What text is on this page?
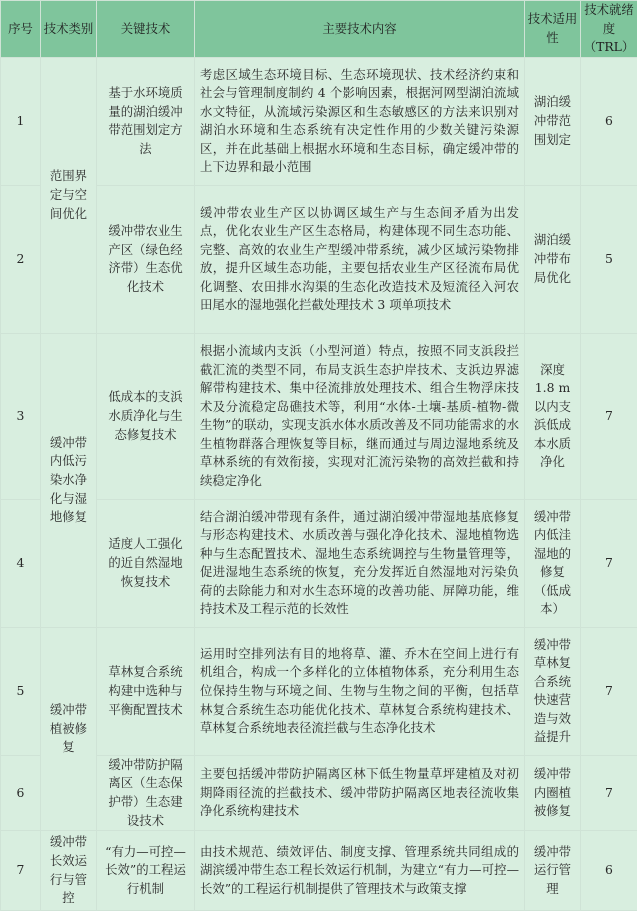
序号	技术类别	关键技术	主要技术内容	技术适用性	技术就绪度（TRL）
1	范围界定与空间优化	基于水环境质量的湖泊缓冲带范围划定方法	考虑区域生态环境目标、生态环境现状、技术经济约束和社会与管理制度制约 4 个影响因素，根据河网型湖泊流域水文特征，从流域污染源区和生态敏感区的方法来识别对湖泊水环境和生态系统有决定性作用的少数关键污染源区，并在此基础上根据水环境和生态目标，确定缓冲带的上下边界和最小范围	湖泊缓冲带范围划定	6
2		缓冲带农业生产区（绿色经济带）生态优化技术	缓冲带农业生产区以协调区域生产与生态间矛盾为出发点，优化农业生产区生态格局，构建体现不同生态功能、完整、高效的农业生产型缓冲带系统，减少区域污染物排放，提升区域生态功能，主要包括农业生产区径流布局优化调整、农田排水沟渠的生态化改造技术及短流径入河农田尾水的湿地强化拦截处理技术 3 项单项技术	湖泊缓冲带布局优化	5
3	缓冲带内低污染水净化与湿地修复	低成本的支浜水质净化与生态修复技术	根据小流域内支浜（小型河道）特点，按照不同支浜段拦截汇流的类型不同，布局支浜生态护岸技术、支浜边界滤解带构建技术、集中径流排放处理技术、组合生物浮床技术及分流稳定岛礁技术等，利用“水体-土壤-基质-植物-微生物”的联动，实现支浜水体水质改善及不同功能需求的水生植物群落合理恢复等目标，继而通过与周边湿地系统及草林系统的有效衔接，实现对汇流污染物的高效拦截和持续稳定净化	深度 1.8 m 以内支浜低成本水质净化	7
4		适度人工强化的近自然湿地恢复技术	结合湖泊缓冲带现有条件，通过湖泊缓冲带湿地基底修复与形态构建技术、水质改善与强化净化技术、湿地植物选种与生态配置技术、湿地生态系统调控与生物量管理等，促进湿地生态系统的恢复，充分发挥近自然湿地对污染负荷的去除能力和对水生态环境的改善功能、屏障功能，维持技术及工程示范的长效性	缓冲带内低洼湿地的修复（低成本）	7
5	缓冲带植被修复	草林复合系统构建中选种与平衡配置技术	运用时空排列法有目的地将草、灌、乔木在空间上进行有机组合，构成一个多样化的立体植物体系，充分利用生态位保持生物与环境之间、生物与生物之间的平衡，包括草林复合系统生态功能优化技术、草林复合系统构建技术、草林复合系统地表径流拦截与生态净化技术	缓冲带草林复合系统快速营造与效益提升	7
6		缓冲带防护隔离区（生态保护带）生态建设技术	主要包括缓冲带防护隔离区林下低生物量草坪建植及对初期降雨径流的拦截技术、缓冲带防护隔离区地表径流收集净化系统构建技术	缓冲带内圈植被修复	7
7	缓冲带长效运行与管控	“有力—可控—长效”的工程运行机制	由技术规范、绩效评估、制度支撑、管理系统共同组成的湖滨缓冲带生态工程长效运行机制，为建立“有力—可控—长效”的工程运行机制提供了管理技术与政策支撑	缓冲带运行管理	6
